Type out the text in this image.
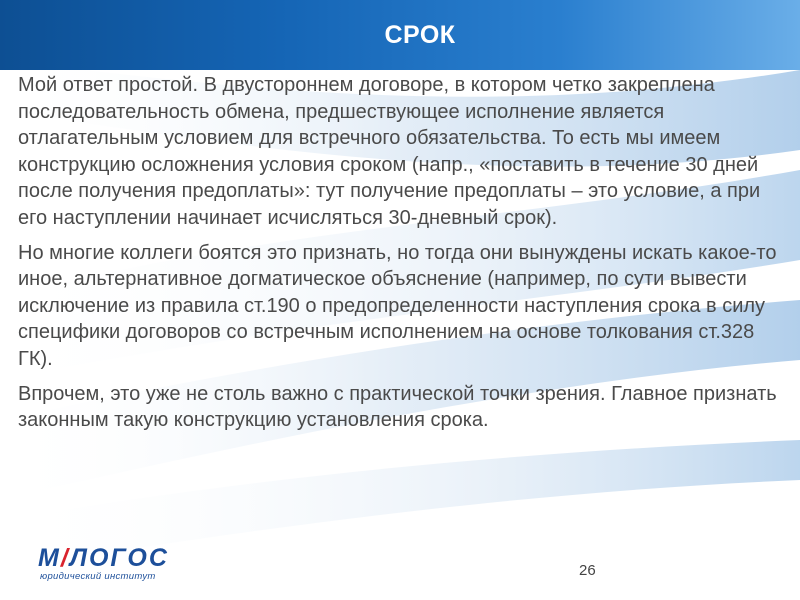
СРОК

Мой ответ простой. В двустороннем договоре, в котором четко закреплена последовательность обмена, предшествующее исполнение является отлагательным условием для встречного обязательства. То есть мы имеем конструкцию осложнения условия сроком (напр., «поставить в течение 30 дней после получения предоплаты»: тут получение предоплаты – это условие, а при его наступлении начинает исчисляться 30-дневный срок).

Но многие коллеги боятся это признать, но тогда они вынуждены искать какое-то иное, альтернативное догматическое объяснение (например, по сути вывести исключение из правила ст.190 о предопределенности наступления срока в силу специфики договоров со встречным исполнением на основе толкования ст.328 ГК).

Впрочем, это уже не столь важно с практической точки зрения. Главное признать законным такую конструкцию установления срока.

М/ЛОГОС
юридический институт	26
